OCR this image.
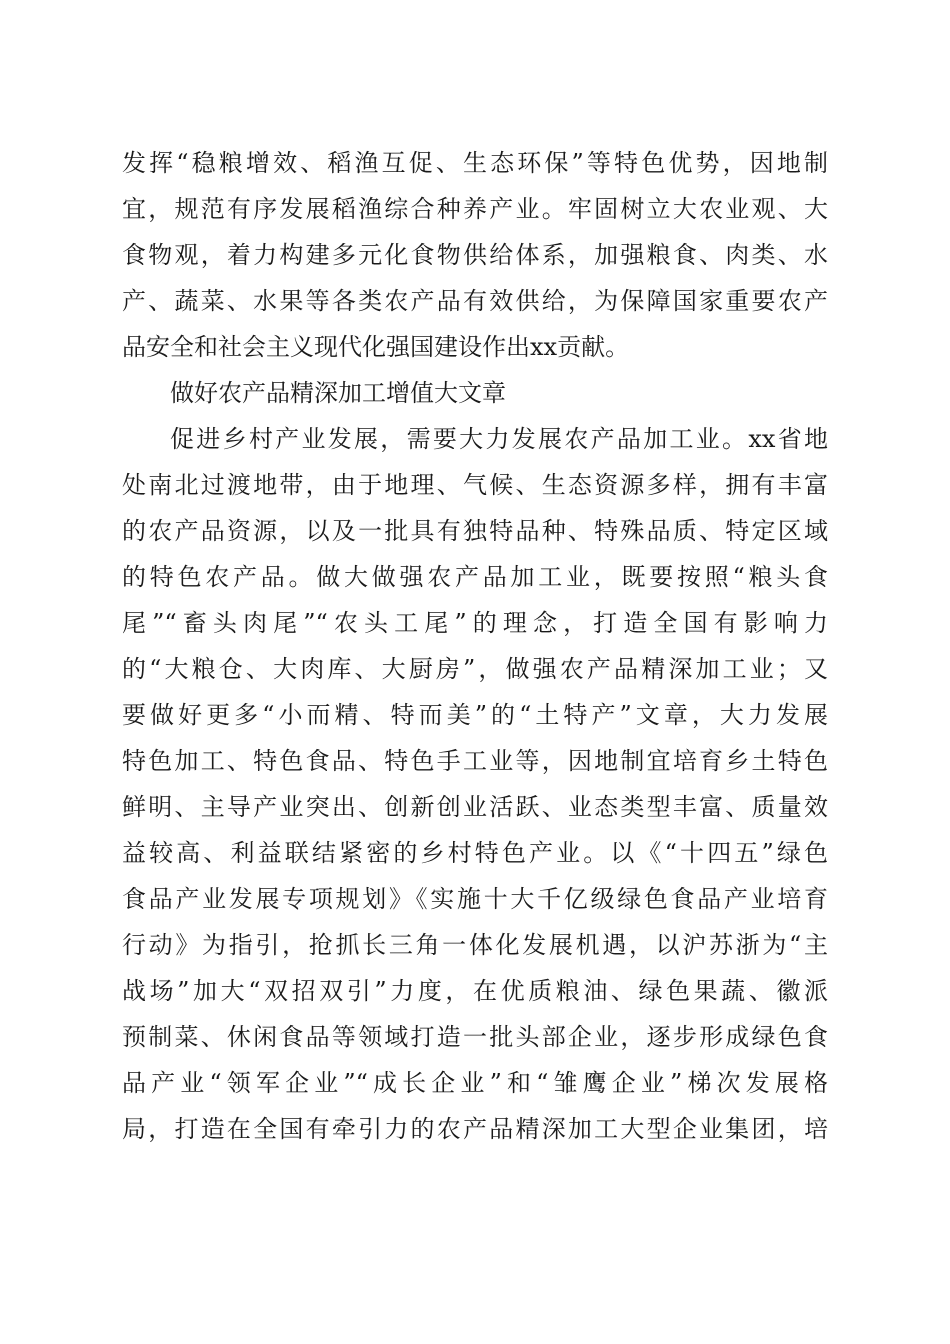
发挥“稳粮增效、稻渔互促、生态环保”等特色优势，因地制
宜，规范有序发展稻渔综合种养产业。牢固树立大农业观、大
食物观，着力构建多元化食物供给体系，加强粮食、肉类、水
产、蔬菜、水果等各类农产品有效供给，为保障国家重要农产
品安全和社会主义现代化强国建设作出xx贡献。
做好农产品精深加工增值大文章
促进乡村产业发展，需要大力发展农产品加工业。xx省地
处南北过渡地带，由于地理、气候、生态资源多样，拥有丰富
的农产品资源，以及一批具有独特品种、特殊品质、特定区域
的特色农产品。做大做强农产品加工业，既要按照“粮头食
尾”“畜头肉尾”“农头工尾”的理念，打造全国有影响力
的“大粮仓、大肉库、大厨房”，做强农产品精深加工业；又
要做好更多“小而精、特而美”的“土特产”文章，大力发展
特色加工、特色食品、特色手工业等，因地制宜培育乡土特色
鲜明、主导产业突出、创新创业活跃、业态类型丰富、质量效
益较高、利益联结紧密的乡村特色产业。以《“十四五”绿色
食品产业发展专项规划》《实施十大千亿级绿色食品产业培育
行动》为指引，抢抓长三角一体化发展机遇，以沪苏浙为“主
战场”加大“双招双引”力度，在优质粮油、绿色果蔬、徽派
预制菜、休闲食品等领域打造一批头部企业，逐步形成绿色食
品产业“领军企业”“成长企业”和“雏鹰企业”梯次发展格
局，打造在全国有牵引力的农产品精深加工大型企业集团，培
